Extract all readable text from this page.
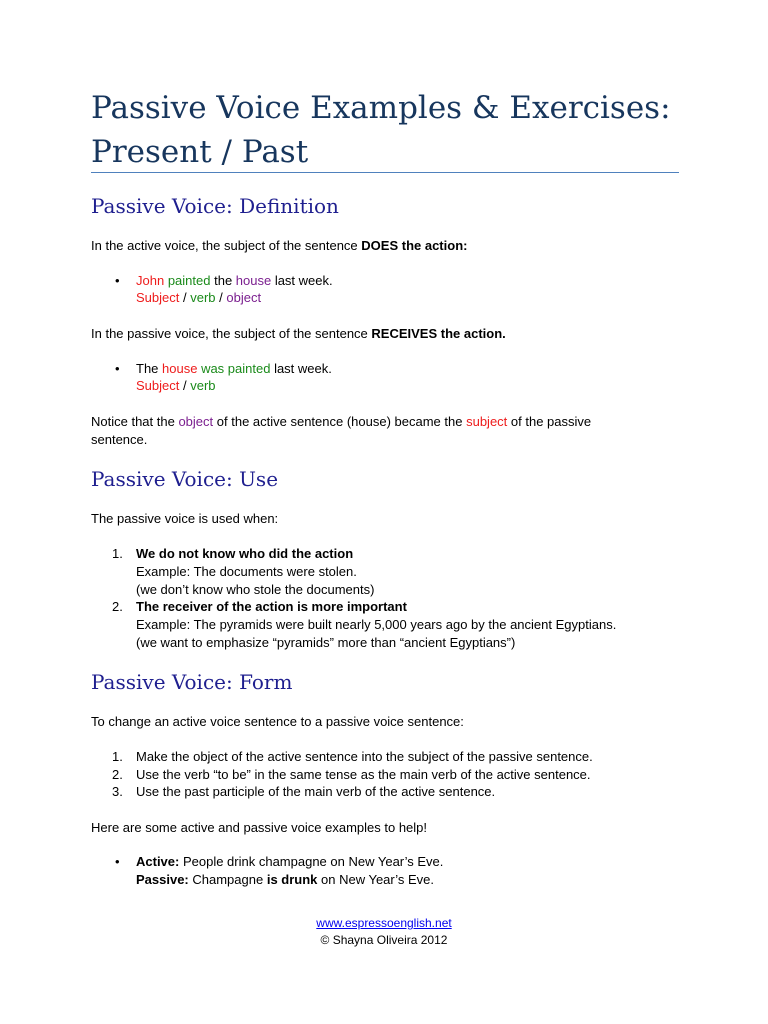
Passive Voice Examples & Exercises:
Present / Past
Passive Voice: Definition

In the active voice, the subject of the sentence DOES the action:

•	John painted the house last week.
Subject / verb / object

In the passive voice, the subject of the sentence RECEIVES the action.

•	The house was painted last week.
Subject / verb

Notice that the object of the active sentence (house) became the subject of the passive
sentence.

Passive Voice: Use

The passive voice is used when:

1.	We do not know who did the action
Example: The documents were stolen.
(we don’t know who stole the documents)
2.	The receiver of the action is more important
Example: The pyramids were built nearly 5,000 years ago by the ancient Egyptians.
(we want to emphasize “pyramids” more than “ancient Egyptians”)
Passive Voice: Form

To change an active voice sentence to a passive voice sentence:

1.	Make the object of the active sentence into the subject of the passive sentence.
2.	Use the verb “to be” in the same tense as the main verb of the active sentence.
3.	Use the past participle of the main verb of the active sentence.

Here are some active and passive voice examples to help!

•	Active: People drink champagne on New Year’s Eve.
Passive: Champagne is drunk on New Year’s Eve.
www.espressoenglish.net
© Shayna Oliveira 2012
